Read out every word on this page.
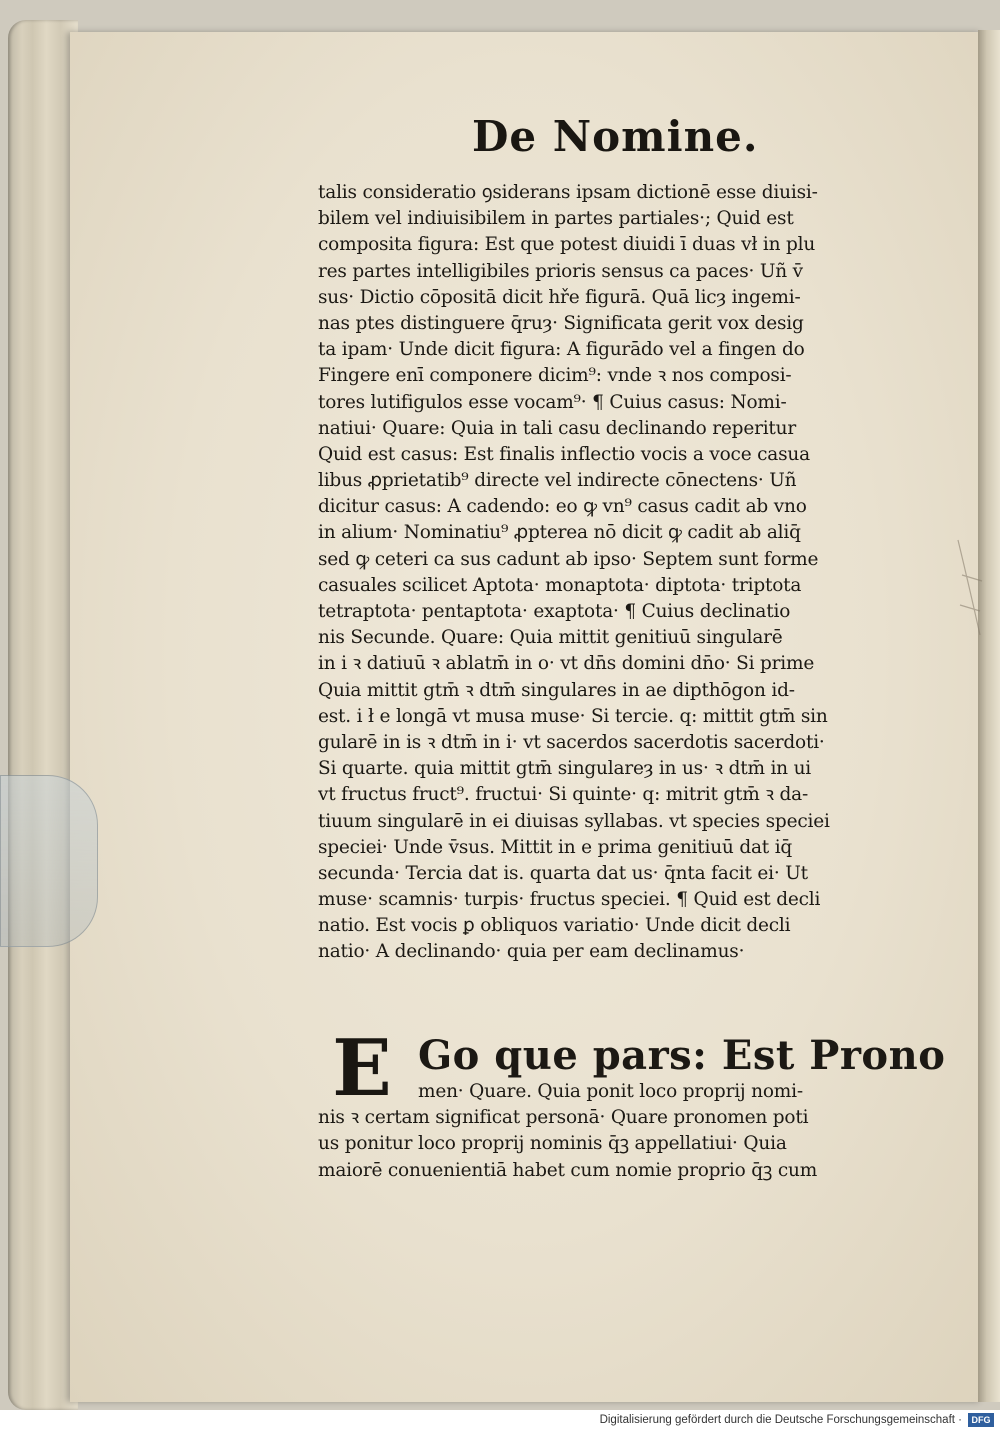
De Nomine.
talis consideratio ꝯsiderans ipsam dictionē esse diuisi-
bilem vel indiuisibilem in partes partiales·; Quid est
composita figura: Est que potest diuidi ī duas vł in plu
res partes intelligibiles prioris sensus ca paces· Uñ v̄
sus· Dictio cōpositā dicit hře figurā. Quā licȝ ingemi-
nas ptes distinguere q̄ruȝ· Significata gerit vox desig
ta ipam· Unde dicit figura: A figurādo vel a fingen do
Fingere enī componere dicim⁹: vnde ꝛ nos composi-
tores lutifigulos esse vocam⁹· ¶ Cuius casus: Nomi-
natiui· Quare: Quia in tali casu declinando reperitur
Quid est casus: Est finalis inflectio vocis a voce casua
libus ꝓprietatib⁹ directe vel indirecte cōnectens· Uñ
dicitur casus: A cadendo: eo ꝙ vn⁹ casus cadit ab vno
in alium· Nominatiu⁹ ꝓpterea nō dicit ꝙ cadit ab aliq̄
sed ꝙ ceteri ca sus cadunt ab ipso· Septem sunt forme
casuales scilicet Aptota· monaptota· diptota· triptota
tetraptota· pentaptota· exaptota· ¶ Cuius declinatio
nis Secunde. Quare: Quia mittit genitiuū singularē
in i ꝛ datiuū ꝛ ablatm̄ in o· vt dn̄s domini dn̄o· Si prime
Quia mittit gtm̄ ꝛ dtm̄ singulares in ae dipthōgon id-
est. i ł e longā vt musa muse· Si tercie. q: mittit gtm̄ sin
gularē in is ꝛ dtm̄ in i· vt sacerdos sacerdotis sacerdoti·
Si quarte. quia mittit gtm̄ singulareȝ in us· ꝛ dtm̄ in ui
vt fructus fruct⁹. fructui· Si quinte· q: mitrit gtm̄ ꝛ da-
tiuum singularē in ei diuisas syllabas. vt species speciei
speciei· Unde v̄sus. Mittit in e prima genitiuū dat iq̄
secunda· Tercia dat is. quarta dat us· q̄nta facit ei· Ut
muse· scamnis· turpis· fructus speciei. ¶ Quid est decli
natio. Est vocis ꝑ obliquos variatio· Unde dicit decli
natio· A declinando· quia per eam declinamus·
E Go que pars: Est Prono
men· Quare. Quia ponit loco proprij nomi-
nis ꝛ certam significat personā· Quare pronomen poti
us ponitur loco proprij nominis q̄ꝫ appellatiui· Quia
maiorē conuenientiā habet cum nomie proprio q̄ꝫ cum
Digitalisierung gefördert durch die Deutsche Forschungsgemeinschaft ·	DFG
